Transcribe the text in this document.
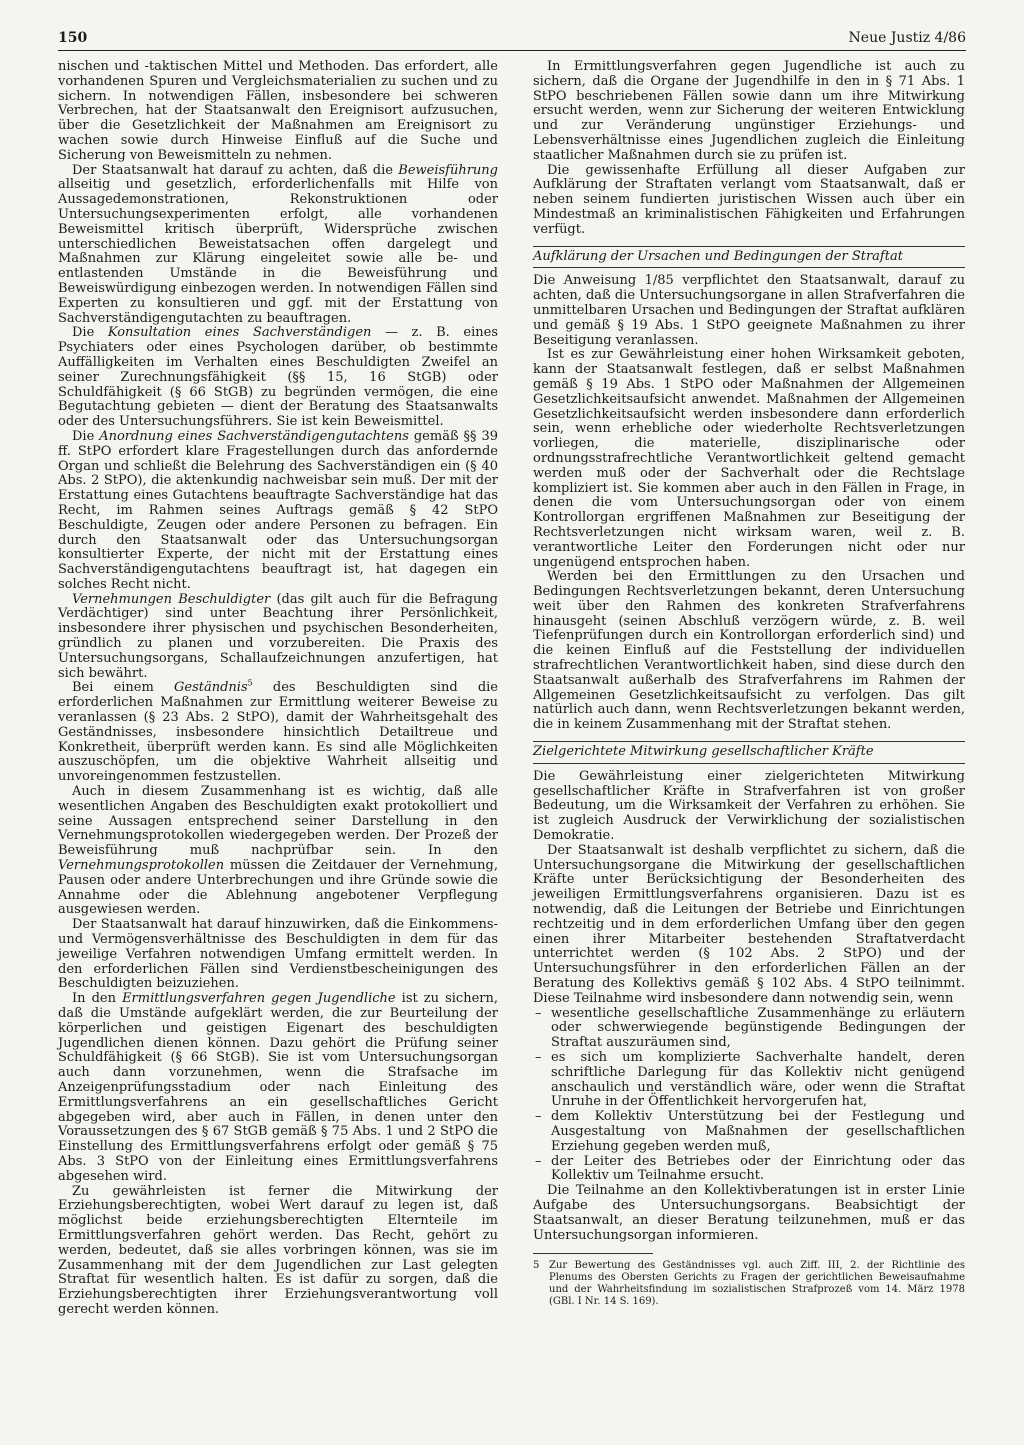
150	Neue Justiz 4/86

nischen und -taktischen Mittel und Methoden. Das erfordert, alle vorhandenen Spuren und Vergleichsmaterialien zu suchen und zu sichern. In notwendigen Fällen, insbesondere bei schweren Verbrechen, hat der Staatsanwalt den Ereignisort aufzusuchen, über die Gesetzlichkeit der Maßnahmen am Ereignisort zu wachen sowie durch Hinweise Einfluß auf die Suche und Sicherung von Beweismitteln zu nehmen.

Der Staatsanwalt hat darauf zu achten, daß die Beweisführung allseitig und gesetzlich, erforderlichenfalls mit Hilfe von Aussagedemonstrationen, Rekonstruktionen oder Untersuchungsexperimenten erfolgt, alle vorhandenen Beweismittel kritisch überprüft, Widersprüche zwischen unterschiedlichen Beweistatsachen offen dargelegt und Maßnahmen zur Klärung eingeleitet sowie alle be- und entlastenden Umstände in die Beweisführung und Beweiswürdigung einbezogen werden. In notwendigen Fällen sind Experten zu konsultieren und ggf. mit der Erstattung von Sachverständigengutachten zu beauftragen.

Die Konsultation eines Sachverständigen — z. B. eines Psychiaters oder eines Psychologen darüber, ob bestimmte Auffälligkeiten im Verhalten eines Beschuldigten Zweifel an seiner Zurechnungsfähigkeit (§§ 15, 16 StGB) oder Schuldfähigkeit (§ 66 StGB) zu begründen vermögen, die eine Begutachtung gebieten — dient der Beratung des Staatsanwalts oder des Untersuchungsführers. Sie ist kein Beweismittel.

Die Anordnung eines Sachverständigengutachtens gemäß §§ 39 ff. StPO erfordert klare Fragestellungen durch das anfordernde Organ und schließt die Belehrung des Sachverständigen ein (§ 40 Abs. 2 StPO), die aktenkundig nachweisbar sein muß. Der mit der Erstattung eines Gutachtens beauftragte Sachverständige hat das Recht, im Rahmen seines Auftrags gemäß § 42 StPO Beschuldigte, Zeugen oder andere Personen zu befragen. Ein durch den Staatsanwalt oder das Untersuchungsorgan konsultierter Experte, der nicht mit der Erstattung eines Sachverständigengutachtens beauftragt ist, hat dagegen ein solches Recht nicht.

Vernehmungen Beschuldigter (das gilt auch für die Befragung Verdächtiger) sind unter Beachtung ihrer Persönlichkeit, insbesondere ihrer physischen und psychischen Besonderheiten, gründlich zu planen und vorzubereiten. Die Praxis des Untersuchungsorgans, Schallaufzeichnungen anzufertigen, hat sich bewährt.

Bei einem Geständnis$^5$ des Beschuldigten sind die erforderlichen Maßnahmen zur Ermittlung weiterer Beweise zu veranlassen (§ 23 Abs. 2 StPO), damit der Wahrheitsgehalt des Geständnisses, insbesondere hinsichtlich Detailtreue und Konkretheit, überprüft werden kann. Es sind alle Möglichkeiten auszuschöpfen, um die objektive Wahrheit allseitig und unvoreingenommen festzustellen.

Auch in diesem Zusammenhang ist es wichtig, daß alle wesentlichen Angaben des Beschuldigten exakt protokolliert und seine Aussagen entsprechend seiner Darstellung in den Vernehmungsprotokollen wiedergegeben werden. Der Prozeß der Beweisführung muß nachprüfbar sein. In den Vernehmungsprotokollen müssen die Zeitdauer der Vernehmung, Pausen oder andere Unterbrechungen und ihre Gründe sowie die Annahme oder die Ablehnung angebotener Verpflegung ausgewiesen werden.

Der Staatsanwalt hat darauf hinzuwirken, daß die Einkommens- und Vermögensverhältnisse des Beschuldigten in dem für das jeweilige Verfahren notwendigen Umfang ermittelt werden. In den erforderlichen Fällen sind Verdienstbescheinigungen des Beschuldigten beizuziehen.

In den Ermittlungsverfahren gegen Jugendliche ist zu sichern, daß die Umstände aufgeklärt werden, die zur Beurteilung der körperlichen und geistigen Eigenart des beschuldigten Jugendlichen dienen können. Dazu gehört die Prüfung seiner Schuldfähigkeit (§ 66 StGB). Sie ist vom Untersuchungsorgan auch dann vorzunehmen, wenn die Strafsache im Anzeigenprüfungsstadium oder nach Einleitung des Ermittlungsverfahrens an ein gesellschaftliches Gericht abgegeben wird, aber auch in Fällen, in denen unter den Voraussetzungen des § 67 StGB gemäß § 75 Abs. 1 und 2 StPO die Einstellung des Ermittlungsverfahrens erfolgt oder gemäß § 75 Abs. 3 StPO von der Einleitung eines Ermittlungsverfahrens abgesehen wird.

Zu gewährleisten ist ferner die Mitwirkung der Erziehungsberechtigten, wobei Wert darauf zu legen ist, daß möglichst beide erziehungsberechtigten Elternteile im Ermittlungsverfahren gehört werden. Das Recht, gehört zu werden, bedeutet, daß sie alles vorbringen können, was sie im Zusammenhang mit der dem Jugendlichen zur Last gelegten Straftat für wesentlich halten. Es ist dafür zu sorgen, daß die Erziehungsberechtigten ihrer Erziehungsverantwortung voll gerecht werden können.

In Ermittlungsverfahren gegen Jugendliche ist auch zu sichern, daß die Organe der Jugendhilfe in den in § 71 Abs. 1 StPO beschriebenen Fällen sowie dann um ihre Mitwirkung ersucht werden, wenn zur Sicherung der weiteren Entwicklung und zur Veränderung ungünstiger Erziehungs- und Lebensverhältnisse eines Jugendlichen zugleich die Einleitung staatlicher Maßnahmen durch sie zu prüfen ist.

Die gewissenhafte Erfüllung all dieser Aufgaben zur Aufklärung der Straftaten verlangt vom Staatsanwalt, daß er neben seinem fundierten juristischen Wissen auch über ein Mindestmaß an kriminalistischen Fähigkeiten und Erfahrungen verfügt.

Aufklärung der Ursachen und Bedingungen der Straftat

Die Anweisung 1/85 verpflichtet den Staatsanwalt, darauf zu achten, daß die Untersuchungsorgane in allen Strafverfahren die unmittelbaren Ursachen und Bedingungen der Straftat aufklären und gemäß § 19 Abs. 1 StPO geeignete Maßnahmen zu ihrer Beseitigung veranlassen.

Ist es zur Gewährleistung einer hohen Wirksamkeit geboten, kann der Staatsanwalt festlegen, daß er selbst Maßnahmen gemäß § 19 Abs. 1 StPO oder Maßnahmen der Allgemeinen Gesetzlichkeitsaufsicht anwendet. Maßnahmen der Allgemeinen Gesetzlichkeitsaufsicht werden insbesondere dann erforderlich sein, wenn erhebliche oder wiederholte Rechtsverletzungen vorliegen, die materielle, disziplinarische oder ordnungsstrafrechtliche Verantwortlichkeit geltend gemacht werden muß oder der Sachverhalt oder die Rechtslage kompliziert ist. Sie kommen aber auch in den Fällen in Frage, in denen die vom Untersuchungsorgan oder von einem Kontrollorgan ergriffenen Maßnahmen zur Beseitigung der Rechtsverletzungen nicht wirksam waren, weil z. B. verantwortliche Leiter den Forderungen nicht oder nur ungenügend entsprochen haben.

Werden bei den Ermittlungen zu den Ursachen und Bedingungen Rechtsverletzungen bekannt, deren Untersuchung weit über den Rahmen des konkreten Strafverfahrens hinausgeht (seinen Abschluß verzögern würde, z. B. weil Tiefenprüfungen durch ein Kontrollorgan erforderlich sind) und die keinen Einfluß auf die Feststellung der individuellen strafrechtlichen Verantwortlichkeit haben, sind diese durch den Staatsanwalt außerhalb des Strafverfahrens im Rahmen der Allgemeinen Gesetzlichkeitsaufsicht zu verfolgen. Das gilt natürlich auch dann, wenn Rechtsverletzungen bekannt werden, die in keinem Zusammenhang mit der Straftat stehen.

Zielgerichtete Mitwirkung gesellschaftlicher Kräfte

Die Gewährleistung einer zielgerichteten Mitwirkung gesellschaftlicher Kräfte in Strafverfahren ist von großer Bedeutung, um die Wirksamkeit der Verfahren zu erhöhen. Sie ist zugleich Ausdruck der Verwirklichung der sozialistischen Demokratie.

Der Staatsanwalt ist deshalb verpflichtet zu sichern, daß die Untersuchungsorgane die Mitwirkung der gesellschaftlichen Kräfte unter Berücksichtigung der Besonderheiten des jeweiligen Ermittlungsverfahrens organisieren. Dazu ist es notwendig, daß die Leitungen der Betriebe und Einrichtungen rechtzeitig und in dem erforderlichen Umfang über den gegen einen ihrer Mitarbeiter bestehenden Straftatverdacht unterrichtet werden (§ 102 Abs. 2 StPO) und der Untersuchungsführer in den erforderlichen Fällen an der Beratung des Kollektivs gemäß § 102 Abs. 4 StPO teilnimmt. Diese Teilnahme wird insbesondere dann notwendig sein, wenn

– wesentliche gesellschaftliche Zusammenhänge zu erläutern oder schwerwiegende begünstigende Bedingungen der Straftat auszuräumen sind,
– es sich um komplizierte Sachverhalte handelt, deren schriftliche Darlegung für das Kollektiv nicht genügend anschaulich und verständlich wäre, oder wenn die Straftat Unruhe in der Öffentlichkeit hervorgerufen hat,
– dem Kollektiv Unterstützung bei der Festlegung und Ausgestaltung von Maßnahmen der gesellschaftlichen Erziehung gegeben werden muß,
– der Leiter des Betriebes oder der Einrichtung oder das Kollektiv um Teilnahme ersucht.

Die Teilnahme an den Kollektivberatungen ist in erster Linie Aufgabe des Untersuchungsorgans. Beabsichtigt der Staatsanwalt, an dieser Beratung teilzunehmen, muß er das Untersuchungsorgan informieren.

5 Zur Bewertung des Geständnisses vgl. auch Ziff. III, 2. der Richtlinie des Plenums des Obersten Gerichts zu Fragen der gerichtlichen Beweisaufnahme und der Wahrheitsfindung im sozialistischen Strafprozeß vom 14. März 1978 (GBl. I Nr. 14 S. 169).
